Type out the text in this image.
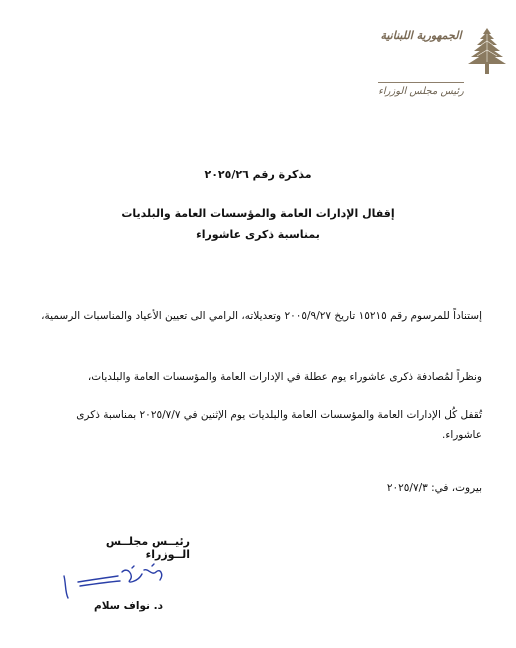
الجمهورية اللبنانية
رئيس مجلس الوزراء
مذكرة رقم ٢٠٢٥/٢٦
إقفال الإدارات العامة والمؤسسات العامة والبلديات
بمناسبة ذكرى عاشوراء
إستناداً للمرسوم رقم ١٥٢١٥ تاريخ ٢٠٠٥/٩/٢٧ وتعديلاته، الرامي الى تعيين الأعياد والمناسبات الرسمية،
ونظراً لمُصادفة ذكرى عاشوراء يوم عطلة في الإدارات العامة والمؤسسات العامة والبلديات،
تُقفل كُل الإدارات العامة والمؤسسات العامة والبلديات يوم الإثنين في ٢٠٢٥/٧/٧ بمناسبة ذكرى عاشوراء.
بيروت، في: ٢٠٢٥/٧/٣
رئيــس مجلــس الــوزراء
د. نواف سلام
